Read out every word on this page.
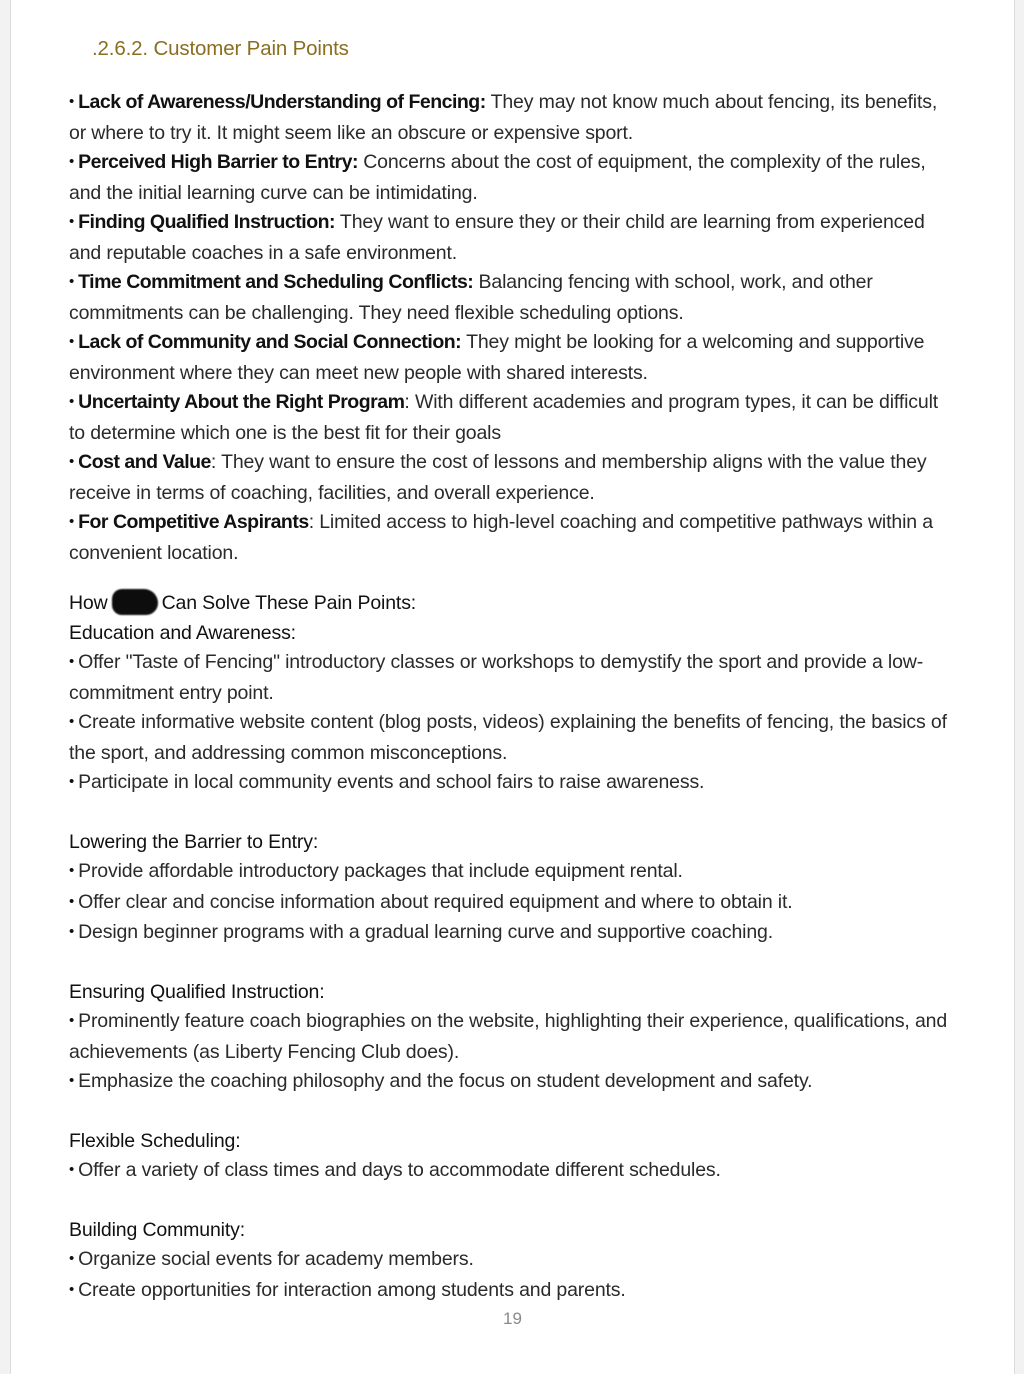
.2.6.2. Customer Pain Points

• Lack of Awareness/Understanding of Fencing: They may not know much about fencing, its benefits, or where to try it. It might seem like an obscure or expensive sport.

• Perceived High Barrier to Entry: Concerns about the cost of equipment, the complexity of the rules, and the initial learning curve can be intimidating.

• Finding Qualified Instruction: They want to ensure they or their child are learning from experienced and reputable coaches in a safe environment.

• Time Commitment and Scheduling Conflicts: Balancing fencing with school, work, and other commitments can be challenging. They need flexible scheduling options.

• Lack of Community and Social Connection: They might be looking for a welcoming and supportive environment where they can meet new people with shared interests.

• Uncertainty About the Right Program: With different academies and program types, it can be difficult to determine which one is the best fit for their goals

• Cost and Value: They want to ensure the cost of lessons and membership aligns with the value they receive in terms of coaching, facilities, and overall experience.

• For Competitive Aspirants: Limited access to high-level coaching and competitive pathways within a convenient location.

How	Can Solve These Pain Points:

Education and Awareness:

• Offer "Taste of Fencing" introductory classes or workshops to demystify the sport and provide a low-commitment entry point.

• Create informative website content (blog posts, videos) explaining the benefits of fencing, the basics of the sport, and addressing common misconceptions.

• Participate in local community events and school fairs to raise awareness.

Lowering the Barrier to Entry:

• Provide affordable introductory packages that include equipment rental.

• Offer clear and concise information about required equipment and where to obtain it.

• Design beginner programs with a gradual learning curve and supportive coaching.

Ensuring Qualified Instruction:

• Prominently feature coach biographies on the website, highlighting their experience, qualifications, and achievements (as Liberty Fencing Club does).

• Emphasize the coaching philosophy and the focus on student development and safety.

Flexible Scheduling:

• Offer a variety of class times and days to accommodate different schedules.

Building Community:

• Organize social events for academy members.

• Create opportunities for interaction among students and parents.

19
